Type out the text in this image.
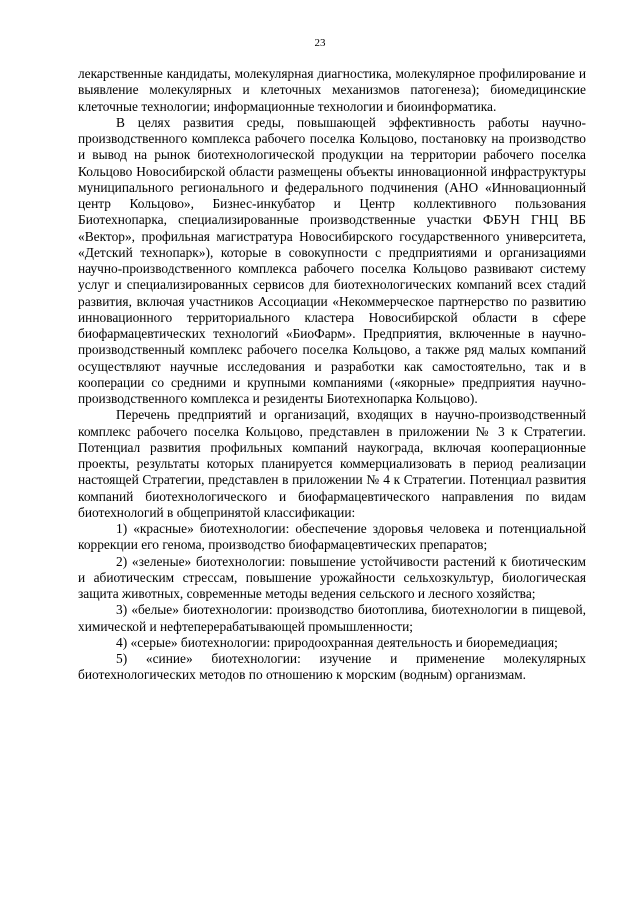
23

лекарственные кандидаты, молекулярная диагностика, молекулярное профилирование и выявление молекулярных и клеточных механизмов патогенеза); биомедицинские клеточные технологии; информационные технологии и биоинформатика.

В целях развития среды, повышающей эффективность работы научно-производственного комплекса рабочего поселка Кольцово, постановку на производство и вывод на рынок биотехнологической продукции на территории рабочего поселка Кольцово Новосибирской области размещены объекты инновационной инфраструктуры муниципального регионального и федерального подчинения (АНО «Инновационный центр Кольцово», Бизнес-инкубатор и Центр коллективного пользования Биотехнопарка, специализированные производственные участки ФБУН ГНЦ ВБ «Вектор», профильная магистратура Новосибирского государственного университета, «Детский технопарк»), которые в совокупности с предприятиями и организациями научно-производственного комплекса рабочего поселка Кольцово развивают систему услуг и специализированных сервисов для биотехнологических компаний всех стадий развития, включая участников Ассоциации «Некоммерческое партнерство по развитию инновационного территориального кластера Новосибирской области в сфере биофармацевтических технологий «БиоФарм». Предприятия, включенные в научно-производственный комплекс рабочего поселка Кольцово, а также ряд малых компаний осуществляют научные исследования и разработки как самостоятельно, так и в кооперации со средними и крупными компаниями («якорные» предприятия научно-производственного комплекса и резиденты Биотехнопарка Кольцово).

Перечень предприятий и организаций, входящих в научно-производственный комплекс рабочего поселка Кольцово, представлен в приложении № 3 к Стратегии. Потенциал развития профильных компаний наукограда, включая кооперационные проекты, результаты которых планируется коммерциализовать в период реализации настоящей Стратегии, представлен в приложении № 4 к Стратегии. Потенциал развития компаний биотехнологического и биофармацевтического направления по видам биотехнологий в общепринятой классификации:

1) «красные» биотехнологии: обеспечение здоровья человека и потенциальной коррекции его генома, производство биофармацевтических препаратов;

2) «зеленые» биотехнологии: повышение устойчивости растений к биотическим и абиотическим стрессам, повышение урожайности сельхозкультур, биологическая защита животных, современные методы ведения сельского и лесного хозяйства;

3) «белые» биотехнологии: производство биотоплива, биотехнологии в пищевой, химической и нефтеперерабатывающей промышленности;

4) «серые» биотехнологии: природоохранная деятельность и биоремедиация;

5) «синие» биотехнологии: изучение и применение молекулярных биотехнологических методов по отношению к морским (водным) организмам.
